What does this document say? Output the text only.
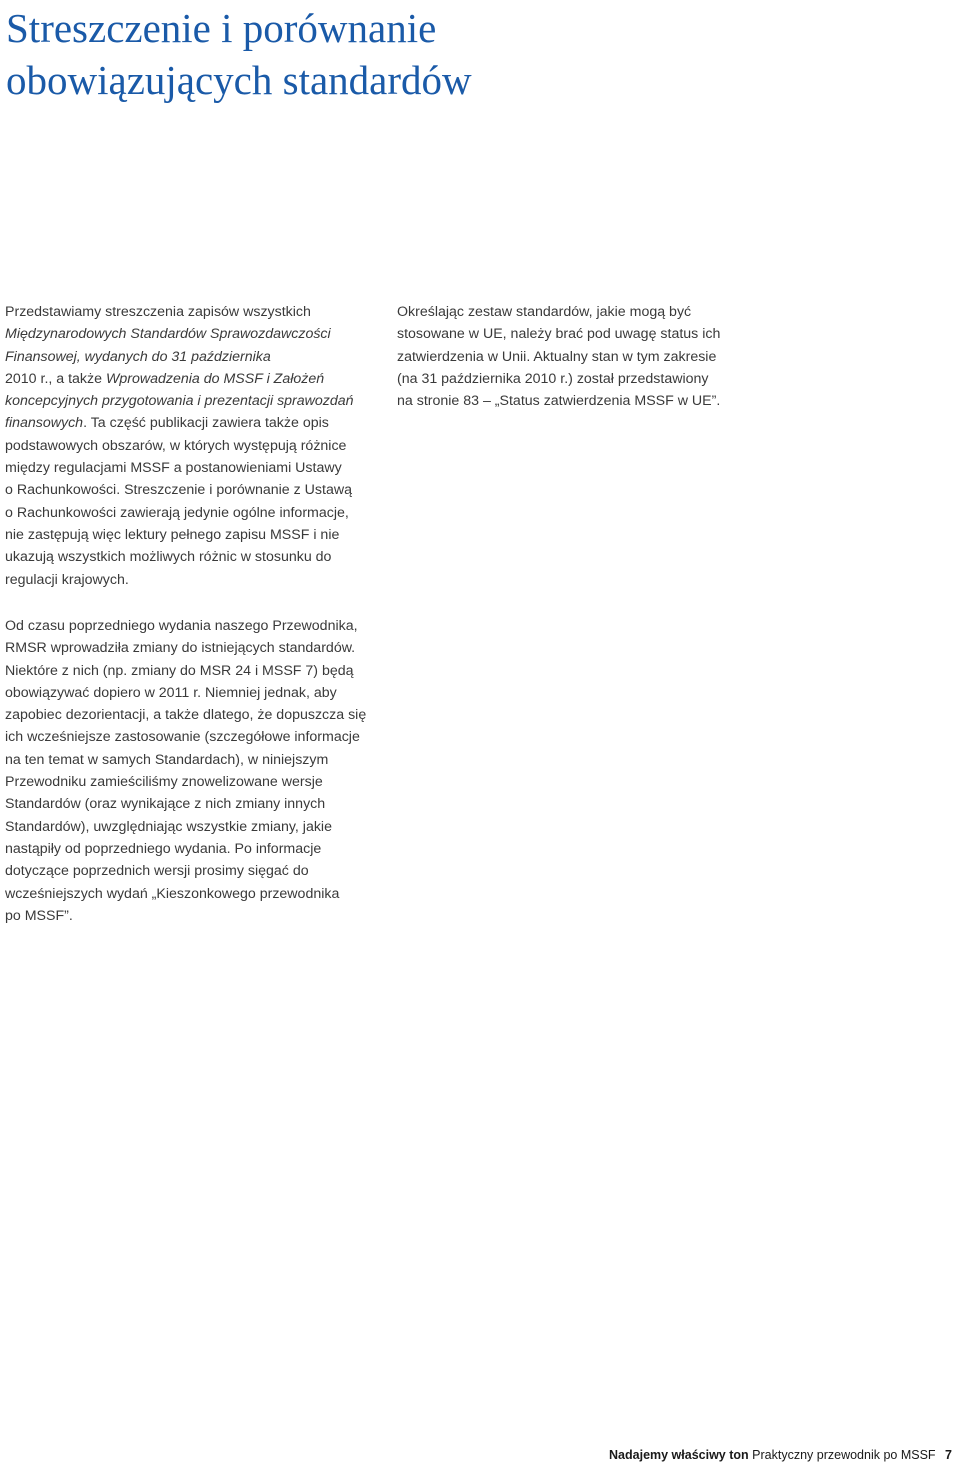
Streszczenie i porównanie
obowiązujących standardów
Przedstawiamy streszczenia zapisów wszystkich
Międzynarodowych Standardów Sprawozdawczości
Finansowej, wydanych do 31 października
2010 r., a także Wprowadzenia do MSSF i Założeń
koncepcyjnych przygotowania i prezentacji sprawozdań
finansowych. Ta część publikacji zawiera także opis
podstawowych obszarów, w których występują różnice
między regulacjami MSSF a postanowieniami Ustawy
o Rachunkowości. Streszczenie i porównanie z Ustawą
o Rachunkowości zawierają jedynie ogólne informacje,
nie zastępują więc lektury pełnego zapisu MSSF i nie
ukazują wszystkich możliwych różnic w stosunku do
regulacji krajowych.
Od czasu poprzedniego wydania naszego Przewodnika,
RMSR wprowadziła zmiany do istniejących standardów.
Niektóre z nich (np. zmiany do MSR 24 i MSSF 7) będą
obowiązywać dopiero w 2011 r. Niemniej jednak, aby
zapobiec dezorientacji, a także dlatego, że dopuszcza się
ich wcześniejsze zastosowanie (szczegółowe informacje
na ten temat w samych Standardach), w niniejszym
Przewodniku zamieściliśmy znowelizowane wersje
Standardów (oraz wynikające z nich zmiany innych
Standardów), uwzględniając wszystkie zmiany, jakie
nastąpiły od poprzedniego wydania. Po informacje
dotyczące poprzednich wersji prosimy sięgać do
wcześniejszych wydań „Kieszonkowego przewodnika
po MSSF”.
Określając zestaw standardów, jakie mogą być
stosowane w UE, należy brać pod uwagę status ich
zatwierdzenia w Unii. Aktualny stan w tym zakresie
(na 31 października 2010 r.) został przedstawiony
na stronie 83 – „Status zatwierdzenia MSSF w UE”.
Nadajemy właściwy ton Praktyczny przewodnik po MSSF 7
